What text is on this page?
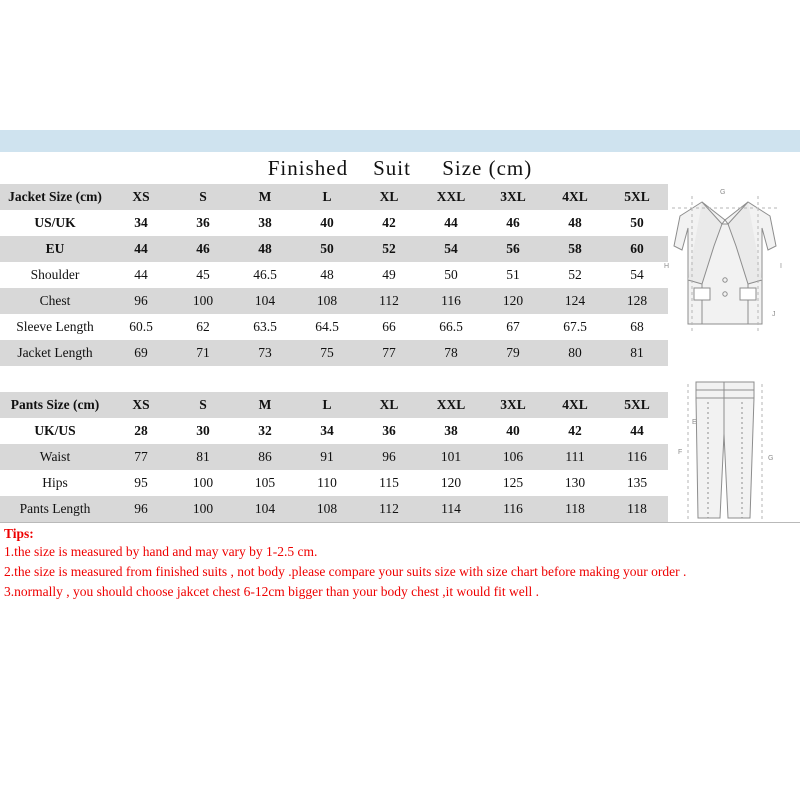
Finished    Suit     Size (cm)
Jacket Size (cm)	XS	S	M	L	XL	XXL	3XL	4XL	5XL
US/UK	34	36	38	40	42	44	46	48	50
EU	44	46	48	50	52	54	56	58	60
Shoulder	44	45	46.5	48	49	50	51	52	54
Chest	96	100	104	108	112	116	120	124	128
Sleeve Length	60.5	62	63.5	64.5	66	66.5	67	67.5	68
Jacket Length	69	71	73	75	77	78	79	80	81

Pants Size (cm)	XS	S	M	L	XL	XXL	3XL	4XL	5XL
UK/US	28	30	32	34	36	38	40	42	44
Waist	77	81	86	91	96	101	106	111	116
Hips	95	100	105	110	115	120	125	130	135
Pants Length	96	100	104	108	112	114	116	118	118
G
H	I
J
E
F
G
Tips:
1.the size is measured by hand and may vary by 1-2.5 cm.
2.the size is measured from finished suits , not body .please compare your suits size with size chart before making your order .
3.normally , you should choose jakcet chest 6-12cm bigger than your body chest ,it would fit well .
